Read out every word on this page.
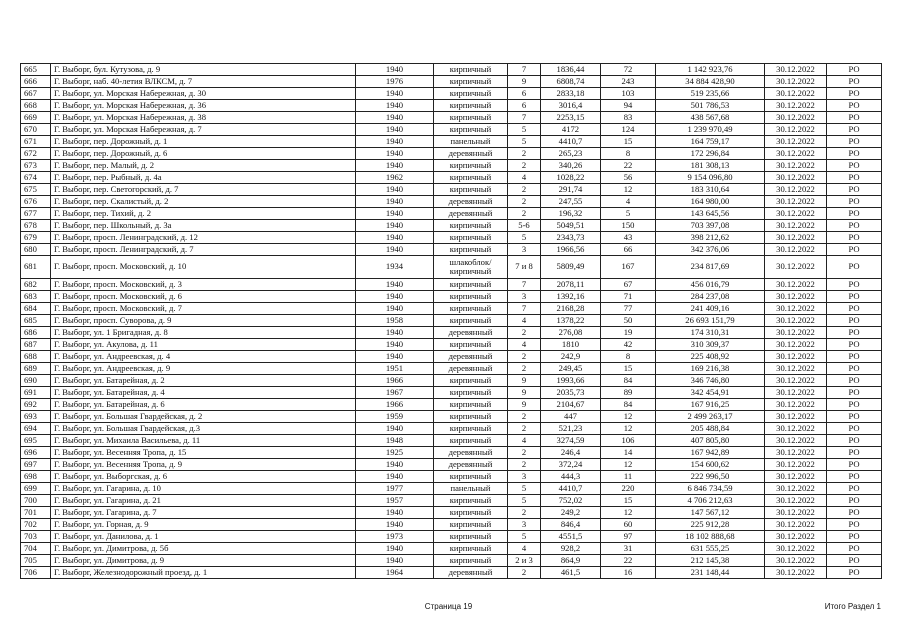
665	Г. Выборг, бул. Кутузова, д. 9	1940	кирпичный	7	1836,44	72	1 142 923,76	30.12.2022	РО
666	Г. Выборг, наб. 40-летия ВЛКСМ, д. 7	1976	кирпичный	9	6808,74	243	34 884 428,90	30.12.2022	РО
667	Г. Выборг, ул. Морская Набережная, д. 30	1940	кирпичный	6	2833,18	103	519 235,66	30.12.2022	РО
668	Г. Выборг, ул. Морская Набережная, д. 36	1940	кирпичный	6	3016,4	94	501 786,53	30.12.2022	РО
669	Г. Выборг, ул. Морская Набережная, д. 38	1940	кирпичный	7	2253,15	83	438 567,68	30.12.2022	РО
670	Г. Выборг, ул. Морская Набережная, д. 7	1940	кирпичный	5	4172	124	1 239 970,49	30.12.2022	РО
671	Г. Выборг, пер. Дорожный, д. 1	1940	панельный	5	4410,7	15	164 759,17	30.12.2022	РО
672	Г. Выборг, пер. Дорожный, д. 6	1940	деревянный	2	265,23	8	172 296,84	30.12.2022	РО
673	Г. Выборг, пер. Малый, д. 2	1940	кирпичный	2	340,26	22	181 308,13	30.12.2022	РО
674	Г. Выборг, пер. Рыбный, д. 4а	1962	кирпичный	4	1028,22	56	9 154 096,80	30.12.2022	РО
675	Г. Выборг, пер. Светогорский, д. 7	1940	кирпичный	2	291,74	12	183 310,64	30.12.2022	РО
676	Г. Выборг, пер. Скалистый, д. 2	1940	деревянный	2	247,55	4	164 980,00	30.12.2022	РО
677	Г. Выборг, пер. Тихий, д. 2	1940	деревянный	2	196,32	5	143 645,56	30.12.2022	РО
678	Г. Выборг, пер. Школьный, д. 3а	1940	кирпичный	5-6	5049,51	150	703 397,08	30.12.2022	РО
679	Г. Выборг, просп. Ленинградский, д. 12	1940	кирпичный	5	2343,73	43	398 212,62	30.12.2022	РО
680	Г. Выборг, просп. Ленинградский, д. 7	1940	кирпичный	3	1966,56	66	342 376,06	30.12.2022	РО
681	Г. Выборг, просп. Московский, д. 10	1934	шлакоблок/кирпичный	7 и 8	5809,49	167	234 817,69	30.12.2022	РО
682	Г. Выборг, просп. Московский, д. 3	1940	кирпичный	7	2078,11	67	456 016,79	30.12.2022	РО
683	Г. Выборг, просп. Московский, д. 6	1940	кирпичный	3	1392,16	71	284 237,08	30.12.2022	РО
684	Г. Выборг, просп. Московский, д. 7	1940	кирпичный	7	2168,28	77	241 409,16	30.12.2022	РО
685	Г. Выборг, просп. Суворова, д. 9	1958	кирпичный	4	1378,22	50	26 693 151,79	30.12.2022	РО
686	Г. Выборг, ул. 1 Бригадная, д. 8	1940	деревянный	2	276,08	19	174 310,31	30.12.2022	РО
687	Г. Выборг, ул. Акулова, д. 11	1940	кирпичный	4	1810	42	310 309,37	30.12.2022	РО
688	Г. Выборг, ул. Андреевская, д. 4	1940	деревянный	2	242,9	8	225 408,92	30.12.2022	РО
689	Г. Выборг, ул. Андреевская, д. 9	1951	деревянный	2	249,45	15	169 216,38	30.12.2022	РО
690	Г. Выборг, ул. Батарейная, д. 2	1966	кирпичный	9	1993,66	84	346 746,80	30.12.2022	РО
691	Г. Выборг, ул. Батарейная, д. 4	1967	кирпичный	9	2035,73	89	342 454,91	30.12.2022	РО
692	Г. Выборг, ул. Батарейная, д. 6	1966	кирпичный	9	2104,67	84	167 916,25	30.12.2022	РО
693	Г. Выборг, ул. Большая Гвардейская, д. 2	1959	кирпичный	2	447	12	2 499 263,17	30.12.2022	РО
694	Г. Выборг, ул. Большая Гвардейская, д.3	1940	кирпичный	2	521,23	12	205 488,84	30.12.2022	РО
695	Г. Выборг, ул. Михаила Васильева, д. 11	1948	кирпичный	4	3274,59	106	407 805,80	30.12.2022	РО
696	Г. Выборг, ул. Весенняя Тропа, д. 15	1925	деревянный	2	246,4	14	167 942,89	30.12.2022	РО
697	Г. Выборг, ул. Весенняя Тропа, д. 9	1940	деревянный	2	372,24	12	154 600,62	30.12.2022	РО
698	Г. Выборг, ул. Выборгская, д. 6	1940	кирпичный	3	444,3	11	222 996,50	30.12.2022	РО
699	Г. Выборг, ул. Гагарина, д. 10	1977	панельный	5	4410,7	220	6 846 734,59	30.12.2022	РО
700	Г. Выборг, ул. Гагарина, д. 21	1957	кирпичный	5	752,02	15	4 706 212,63	30.12.2022	РО
701	Г. Выборг, ул. Гагарина, д. 7	1940	кирпичный	2	249,2	12	147 567,12	30.12.2022	РО
702	Г. Выборг, ул. Горная, д. 9	1940	кирпичный	3	846,4	60	225 912,28	30.12.2022	РО
703	Г. Выборг, ул. Данилова, д. 1	1973	кирпичный	5	4551,5	97	18 102 888,68	30.12.2022	РО
704	Г. Выборг, ул. Димитрова, д. 5б	1940	кирпичный	4	928,2	31	631 555,25	30.12.2022	РО
705	Г. Выборг, ул. Димитрова, д. 9	1940	кирпичный	2 и 3	864,9	22	212 145,38	30.12.2022	РО
706	Г. Выборг, Железнодорожный проезд, д. 1	1964	деревянный	2	461,5	16	231 148,44	30.12.2022	РО
Страница 19	Итого Раздел 1
